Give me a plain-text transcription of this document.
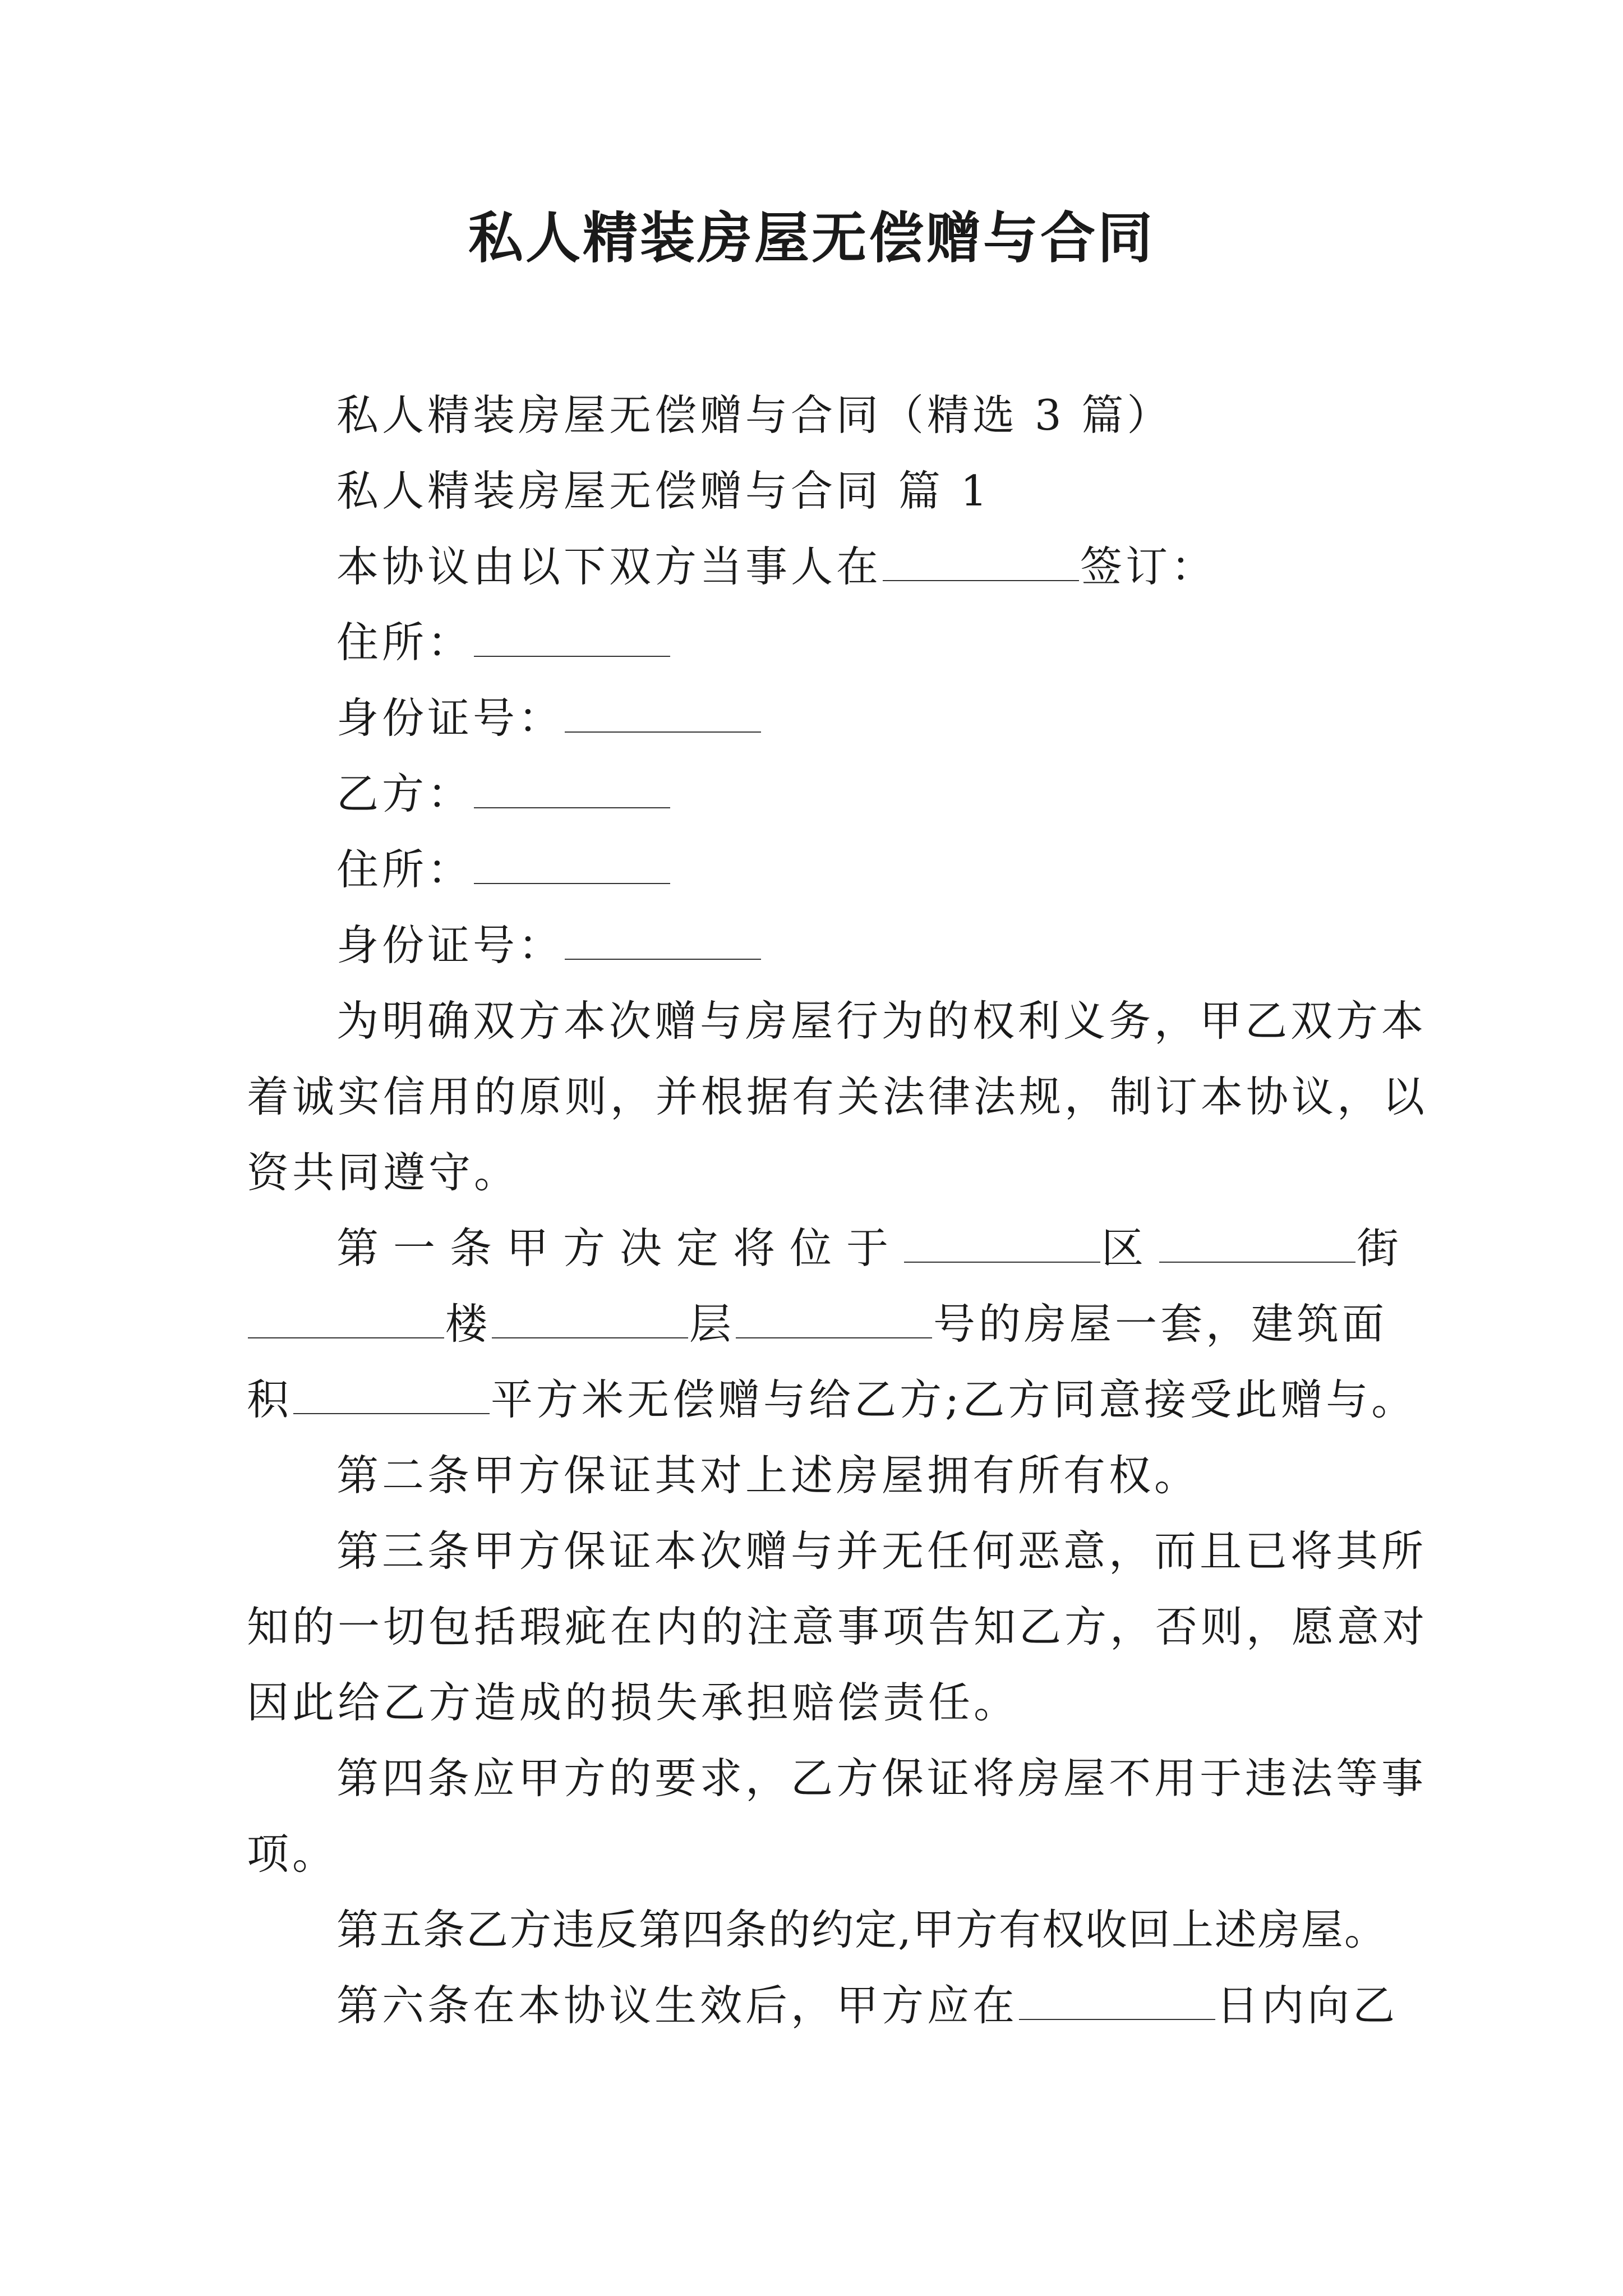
私人精装房屋无偿赠与合同

私人精装房屋无偿赠与合同（精选 3 篇）

私人精装房屋无偿赠与合同 篇 1

本协议由以下双方当事人在	签订：

住所：

身份证号：

乙方：

住所：

身份证号：

为明确双方本次赠与房屋行为的权利义务，甲乙双方本

着诚实信用的原则，并根据有关法律法规，制订本协议，以

资共同遵守。

第一条甲方决定将位于	区	街

楼	层	号的房屋一套，建筑面

积	平方米无偿赠与给乙方;乙方同意接受此赠与。

第二条甲方保证其对上述房屋拥有所有权。

第三条甲方保证本次赠与并无任何恶意，而且已将其所

知的一切包括瑕疵在内的注意事项告知乙方，否则，愿意对

因此给乙方造成的损失承担赔偿责任。

第四条应甲方的要求，乙方保证将房屋不用于违法等事

项。

第五条乙方违反第四条的约定,甲方有权收回上述房屋。

第六条在本协议生效后，甲方应在	日内向乙
